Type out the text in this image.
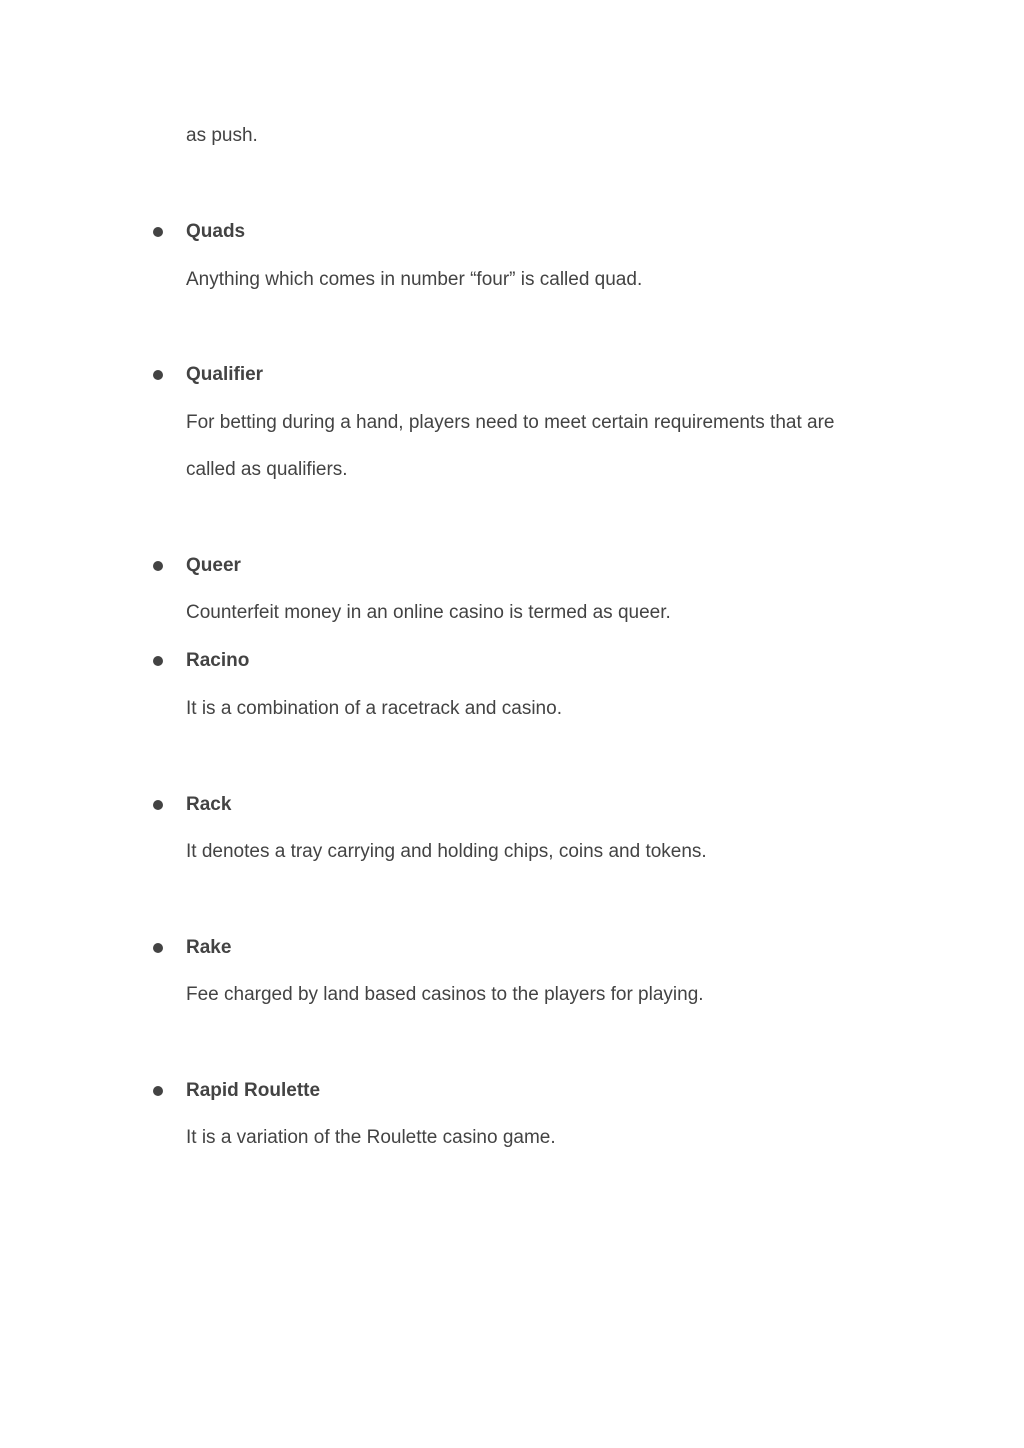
as push.
Quads
Anything which comes in number “four” is called quad.
Qualifier
For betting during a hand, players need to meet certain requirements that are
called as qualifiers.
Queer
Counterfeit money in an online casino is termed as queer.
Racino
It is a combination of a racetrack and casino.
Rack
It denotes a tray carrying and holding chips, coins and tokens.
Rake
Fee charged by land based casinos to the players for playing.
Rapid Roulette
It is a variation of the Roulette casino game.
